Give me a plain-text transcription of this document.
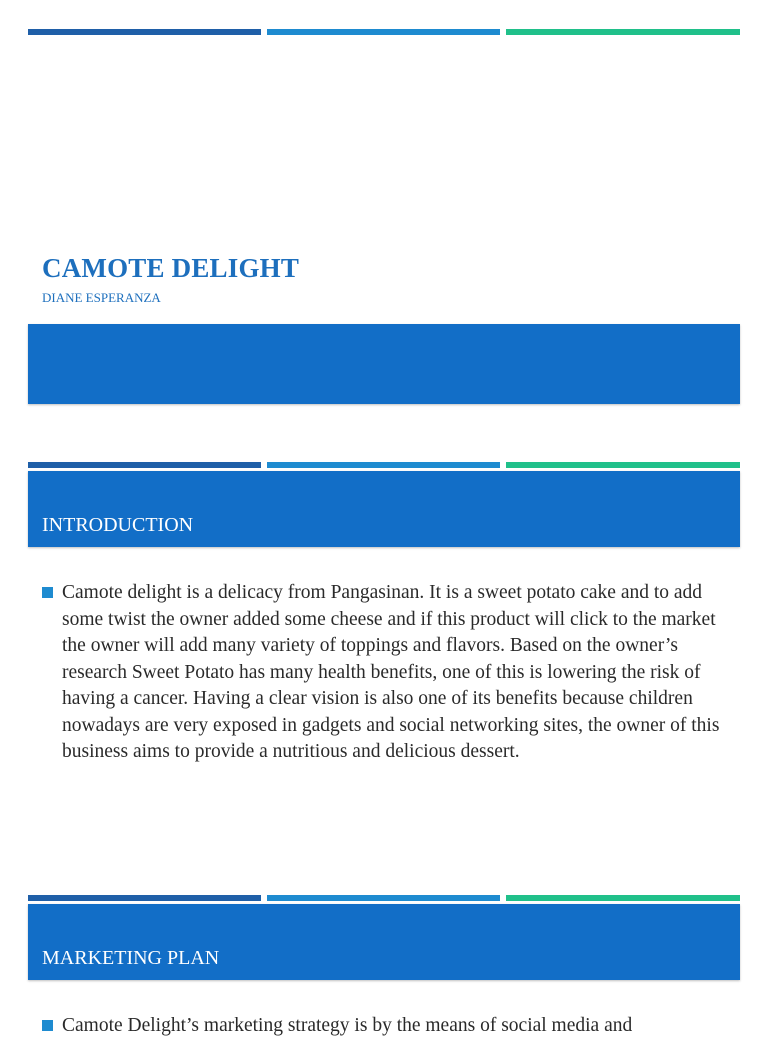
CAMOTE DELIGHT
DIANE ESPERANZA
INTRODUCTION
Camote delight is a delicacy from Pangasinan. It is a sweet potato cake and to add some twist the owner added some cheese and if this product will click to the market the owner will add many variety of toppings and flavors. Based on the owner’s research Sweet Potato has many health benefits, one of this is lowering the risk of having a cancer. Having a clear vision is also one of its benefits because children nowadays are very exposed in gadgets and social networking sites, the owner of this business aims to provide a nutritious and delicious dessert.
MARKETING PLAN
Camote Delight’s marketing strategy is by the means of social media and
